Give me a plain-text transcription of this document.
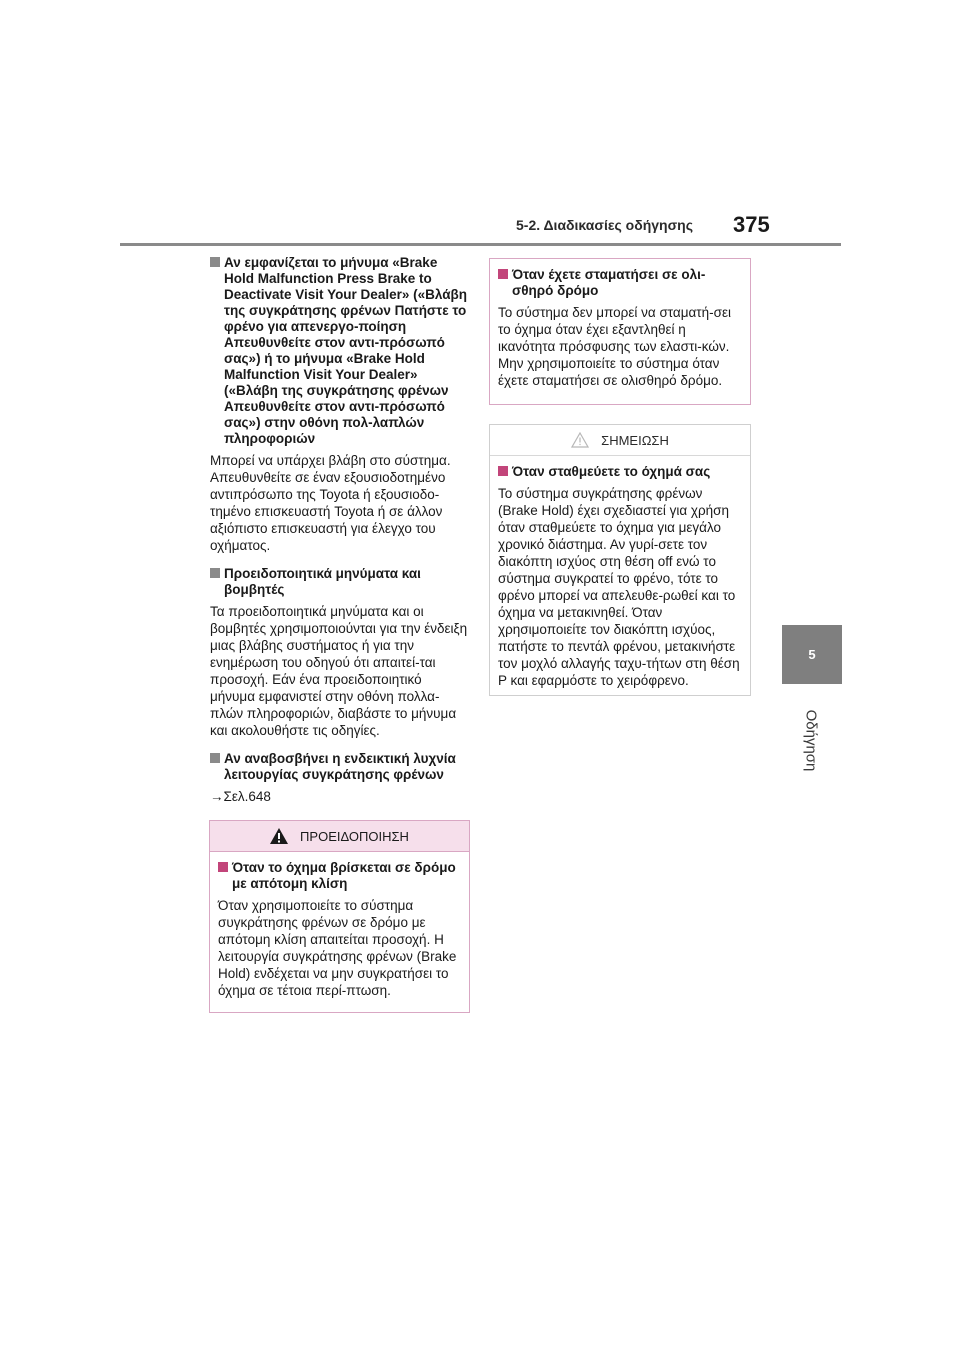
5-2. Διαδικασίες οδήγησης 375
5
Οδήγηση
Αν εμφανίζεται το μήνυμα «Brake Hold Malfunction Press Brake to Deactivate Visit Your Dealer» («Βλάβη της συγκράτησης φρένων Πατήστε το φρένο για απενεργο-ποίηση Απευθυνθείτε στον αντι-πρόσωπό σας») ή το μήνυμα «Brake Hold Malfunction Visit Your Dealer» («Βλάβη της συγκράτησης φρένων Απευθυνθείτε στον αντι-πρόσωπό σας») στην οθόνη πολ-λαπλών πληροφοριών

Μπορεί να υπάρχει βλάβη στο σύστημα. Απευθυνθείτε σε έναν εξουσιοδοτημένο αντιπρόσωπο της Toyota ή εξουσιοδο-τημένο επισκευαστή Toyota ή σε άλλον αξιόπιστο επισκευαστή για έλεγχο του οχήματος.

Προειδοποιητικά μηνύματα και βομβητές

Τα προειδοποιητικά μηνύματα και οι βομβητές χρησιμοποιούνται για την ένδειξη μιας βλάβης συστήματος ή για την ενημέρωση του οδηγού ότι απαιτεί-ται προσοχή. Εάν ένα προειδοποιητικό μήνυμα εμφανιστεί στην οθόνη πολλα-πλών πληροφοριών, διαβάστε το μήνυμα και ακολουθήστε τις οδηγίες.

Αν αναβοσβήνει η ενδεικτική λυχνία λειτουργίας συγκράτησης φρένων

→Σελ.648

ΠΡΟΕΙΔΟΠΟΙΗΣΗ
Όταν το όχημα βρίσκεται σε δρόμο με απότομη κλίση
Όταν χρησιμοποιείτε το σύστημα συγκράτησης φρένων σε δρόμο με απότομη κλίση απαιτείται προσοχή. Η λειτουργία συγκράτησης φρένων (Brake Hold) ενδέχεται να μην συγκρατήσει το όχημα σε τέτοια περί-πτωση.
Όταν έχετε σταματήσει σε ολι-σθηρό δρόμο
Το σύστημα δεν μπορεί να σταματή-σει το όχημα όταν έχει εξαντληθεί η ικανότητα πρόσφυσης των ελαστι-κών. Μην χρησιμοποιείτε το σύστημα όταν έχετε σταματήσει σε ολισθηρό δρόμο.
ΣΗΜΕΙΩΣΗ
Όταν σταθμεύετε το όχημά σας
Το σύστημα συγκράτησης φρένων (Brake Hold) έχει σχεδιαστεί για χρήση όταν σταθμεύετε το όχημα για μεγάλο χρονικό διάστημα. Αν γυρί-σετε τον διακόπτη ισχύος στη θέση off ενώ το σύστημα συγκρατεί το φρένο, τότε το φρένο μπορεί να απελευθε-ρωθεί και το όχημα να μετακινηθεί. Όταν χρησιμοποιείτε τον διακόπτη ισχύος, πατήστε το πεντάλ φρένου, μετακινήστε τον μοχλό αλλαγής ταχυ-τήτων στη θέση P και εφαρμόστε το χειρόφρενο.
